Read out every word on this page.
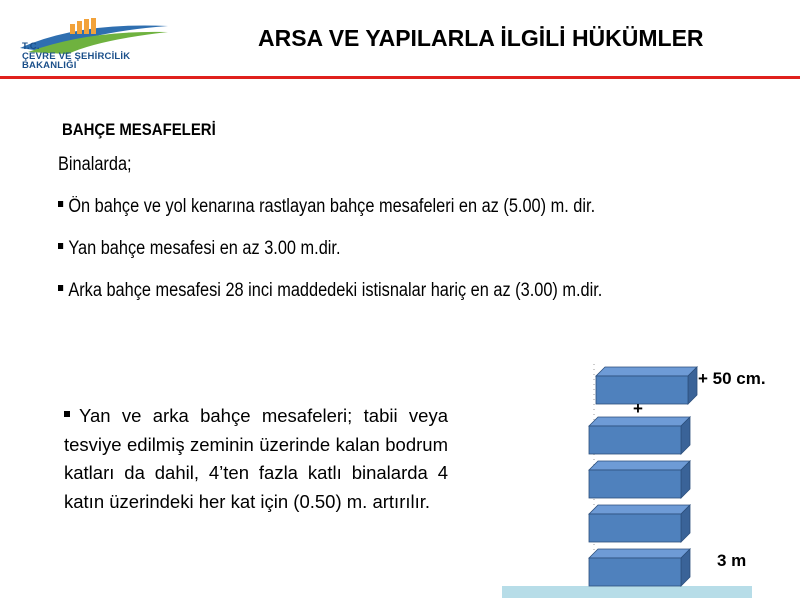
T.C.
ÇEVRE VE ŞEHİRCİLİK
BAKANLIĞI
ARSA VE YAPILARLA İLGİLİ HÜKÜMLER
BAHÇE MESAFELERİ
Binalarda;
Ön bahçe ve yol kenarına rastlayan bahçe mesafeleri en az (5.00) m. dir.
Yan bahçe mesafesi en az 3.00 m.dir.
Arka bahçe mesafesi 28 inci maddedeki istisnalar hariç en az (3.00) m.dir.
Yan ve arka bahçe mesafeleri; tabii veya tesviye edilmiş zeminin üzerinde kalan bodrum katları da dahil, 4’ten fazla katlı binalarda 4 katın üzerindeki her kat için (0.50) m. artırılır.
+ 50 cm.
+
3 m
